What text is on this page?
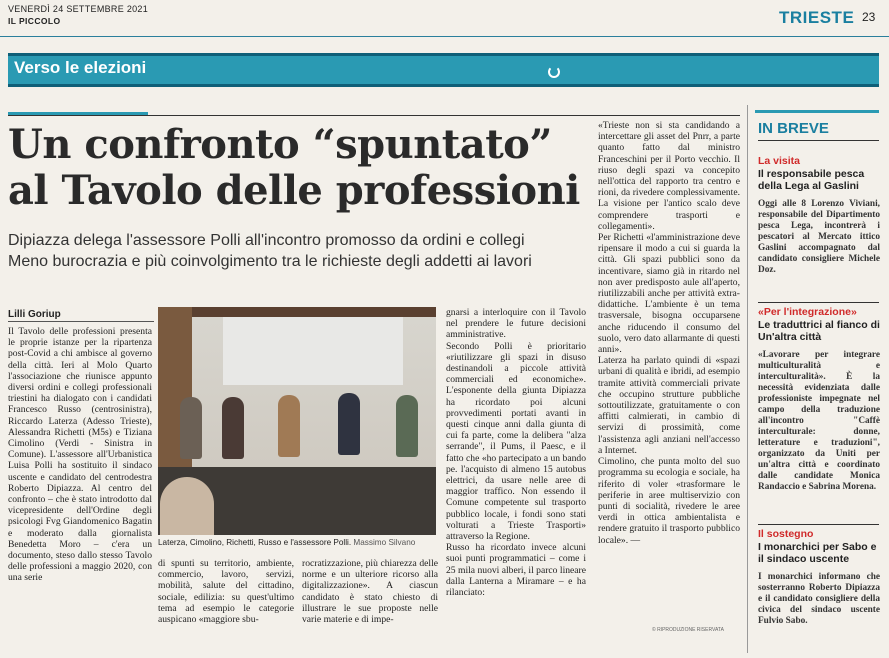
VENERDÌ 24 SETTEMBRE 2021
IL PICCOLO	TRIESTE 23
Verso le elezioni
Un confronto “spuntato”
al Tavolo delle professioni
Dipiazza delega l'assessore Polli all'incontro promosso da ordini e collegi
Meno burocrazia e più coinvolgimento tra le richieste degli addetti ai lavori
Lilli Goriup
Il Tavolo delle professioni presenta le proprie istanze per la ripartenza post-Covid a chi ambisce al governo della città. Ieri al Molo Quarto l'associazione che riunisce appunto diversi ordini e collegi professionali triestini ha dialogato con i candidati Francesco Russo (centrosinistra), Riccardo Laterza (Adesso Trieste), Alessandra Richetti (M5s) e Tiziana Cimolino (Verdi - Sinistra in Comune). L'assessore all'Urbanistica Luisa Polli ha sostituito il sindaco uscente e candidato del centrodestra Roberto Dipiazza. Al centro del confronto – che è stato introdotto dal vicepresidente dell'Ordine degli psicologi Fvg Giandomenico Bagatin e moderato dalla giornalista Benedetta Moro – c'era un documento, steso dallo stesso Tavolo delle professioni a maggio 2020, con una serie
Laterza, Cimolino, Richetti, Russo e l'assessore Polli. Massimo Silvano
di spunti su territorio, ambiente, commercio, lavoro, servizi, mobilità, salute del cittadino, sociale, edilizia: su quest'ultimo tema ad esempio le categorie auspicano «maggiore sbu-
rocratizzazione, più chiarezza delle norme e un ulteriore ricorso alla digitalizzazione». A ciascun candidato è stato chiesto di illustrare le sue proposte nelle varie materie e di impe-
gnarsi a interloquire con il Tavolo nel prendere le future decisioni amministrative.
Secondo Polli è prioritario «riutilizzare gli spazi in disuso destinandoli a piccole attività commerciali ed economiche». L'esponente della giunta Dipiazza ha ricordato poi alcuni provvedimenti portati avanti in questi cinque anni dalla giunta di cui fa parte, come la delibera "alza serrande", il Pums, il Paesc, e il fatto che «ho partecipato a un bando pe. l'acquisto di almeno 15 autobus elettrici, da usare nelle aree di maggior traffico. Non essendo il Comune competente sul trasporto pubblico locale, i fondi sono stati volturati a Trieste Trasporti» attraverso la Regione.
Russo ha ricordato invece alcuni suoi punti programmatici – come i 25 mila nuovi alberi, il parco lineare dalla Lanterna a Miramare – e ha rilanciato:
«Trieste non si sta candidando a intercettare gli asset del Pnrr, a parte quanto fatto dal ministro Franceschini per il Porto vecchio. Il riuso degli spazi va concepito nell'ottica del rapporto tra centro e rioni, da rivedere complessivamente. La visione per l'antico scalo deve comprendere trasporti e collegamenti».
Per Richetti «l'amministrazione deve ripensare il modo a cui si guarda la città. Gli spazi pubblici sono da incentivare, siamo già in ritardo nel non aver predisposto aule all'aperto, riutilizzabili anche per attività extra-didattiche. L'ambiente è un tema trasversale, bisogna occuparsene anche riducendo il consumo del suolo, vero dato allarmante di questi anni».
Laterza ha parlato quindi di «spazi urbani di qualità e ibridi, ad esempio tramite attività commerciali private che occupino strutture pubbliche sottoutilizzate, gratuitamente o con affitti calmierati, in cambio di servizi di prossimità, come l'assistenza agli anziani nell'accesso a Internet.
Cimolino, che punta molto del suo programma su ecologia e sociale, ha riferito di voler «trasformare le periferie in aree multiservizio con punti di socialità, rivedere le aree verdi in ottica ambientalista e rendere gratuito il trasporto pubblico locale». —
© RIPRODUZIONE RISERVATA
IN BREVE
La visita
Il responsabile pesca della Lega al Gaslini
Oggi alle 8 Lorenzo Viviani, responsabile del Dipartimento pesca Lega, incontrerà i pescatori al Mercato ittico Gaslini accompagnato dal candidato consigliere Michele Doz.
«Per l'integrazione»
Le traduttrici al fianco di Un'altra città
«Lavorare per integrare multiculturalità e interculturalità». È la necessità evidenziata dalle professioniste impegnate nel campo della traduzione all'incontro "Caffè interculturale: donne, letterature e traduzioni", organizzato da Uniti per un'altra città e coordinato dalle candidate Monica Randaccio e Sabrina Morena.
Il sostegno
I monarchici per Sabo e il sindaco uscente
I monarchici informano che sosterranno Roberto Dipiazza e il candidato consigliere della civica del sindaco uscente Fulvio Sabo.
